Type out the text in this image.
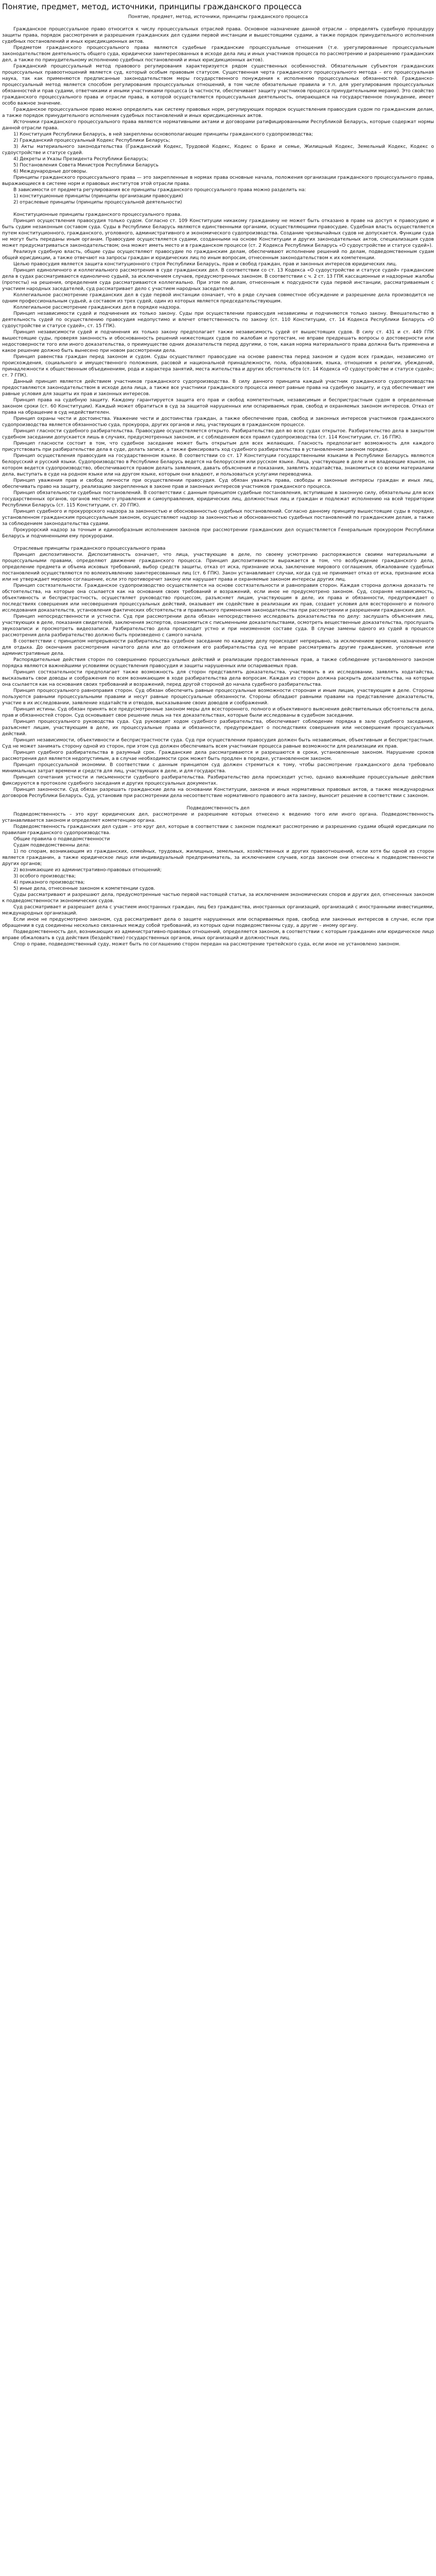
Понятие, предмет, метод, источники, принципы гражданского процесса

Понятие, предмет, метод, источники, принципы гражданского процесса

Гражданское процессуальное право относится к числу процессуальных отраслей права. Основное назначение данной отрасли – определять судебную процедуру защиты права, порядок рассмотрения и разрешения гражданских дел судами первой инстанции и вышестоящими судами, а также порядок принудительного исполнения судебных постановлений и иных юрисдикционных актов.

Предметом гражданского процессуального права являются судебные гражданские процессуальные отношения (т.е. урегулированные процессуальным законодательством деятельность общего суда, юридически заинтересованных в исходе дела лиц и иных участников процесса по рассмотрению и разрешению гражданских дел, а также по принудительному исполнению судебных постановлений и иных юрисдикционных актов).

Гражданский процессуальный метод правового регулирования характеризуется рядом существенных особенностей. Обязательным субъектом гражданских процессуальных правоотношений является суд, который особым правовым статусом. Существенная черта гражданского процессуального метода – его процессуальная наука, так как применяются предписанные законодательством меры государственного понуждения к исполнению процессуальных обязанностей. Гражданско-процессуальный метод является способом регулирования процессуальных отношений, в том числе обязательные правила и т.п. для урегулирования процессуальных обязанностей и прав судами, ответчиками и иными участниками процесса (в частности, обеспечивает защиту участников процесса принудительными мерами). Это свойство гражданского процессуального права и отрасли права, в которой осуществляется процессуальная деятельность, опирающаяся на государственное понуждение, имеет особо важное значение.

Гражданское процессуальное право можно определить как систему правовых норм, регулирующих порядок осуществления правосудия судом по гражданским делам, а также порядок принудительного исполнения судебных постановлений и иных юрисдикционных актов.

Источники гражданского процессуального права являются нормативными актами и договорами ратифицированными Республикой Беларусь, которые содержат нормы данной отрасли права.

1) Конституция Республики Беларусь, в ней закреплены основополагающие принципы гражданского судопроизводства;

2) Гражданский процессуальный Кодекс Республики Беларусь;

3) Акты материального законодательства (Гражданский Кодекс, Трудовой Кодекс, Кодекс о Браке и семье, Жилищный Кодекс, Земельный Кодекс, Кодекс о судоустройстве и статусе судей.

4) Декреты и Указы Президента Республики Беларусь;

5) Постановления Совета Министров Республики Беларусь

6) Международные договоры.

Принципы гражданского процессуального права — это закрепленные в нормах права основные начала, положения организации гражданского процессуального права, выражающиеся в системе норм и правовых институтов этой отрасли права.

В зависимости от предмета регулирования все принципы гражданского процессуального права можно разделить на:

1) конституционные принципы (принципы организации правосудия)

2) отраслевые принципы (принципы процессуальной деятельности)

Конституционные принципы гражданского процессуального права.

Принцип осуществления правосудия только судом. Согласно ст. 109 Конституции никакому гражданину не может быть отказано в праве на доступ к правосудию и быть судим незаконным составом суда. Суды в Республике Беларусь являются единственными органами, осуществляющими правосудие. Судебная власть осуществляется путем конституционного, гражданского, уголовного, административного и экономического судопроизводства. Создание чрезвычайных судов не допускается. Функции суда не могут быть переданы иным органам. Правосудие осуществляется судами, созданными на основе Конституции и других законодательных актов, специализация судов может предусматриваться законодательством; она может иметь место и в гражданском процессе (ст. 2 Кодекса Республики Беларусь «О судоустройстве и статусе судей»).

Реализуя судебную власть, общие суды осуществляют правосудие по гражданским делам, обеспечивают исполнение решений по делам, подведомственным судам общей юрисдикции, а также отвечают на запросы граждан и юридических лиц по иным вопросам, отнесенным законодательством к их компетенции.

Целью правосудия является защита конституционного строя Республики Беларусь, прав и свобод граждан, прав и законных интересов юридических лиц.

Принцип единоличного и коллегиального рассмотрения в суде гражданских дел. В соответствии со ст. 13 Кодекса «О судоустройстве и статусе судей» гражданские дела в судах рассматриваются единолично судьей, за исключением случаев, предусмотренных законом. В соответствии с ч. 2 ст. 13 ГПК кассационные и надзорные жалобы (протесты) на решения, определения суда рассматриваются коллегиально. При этом по делам, отнесенным к подсудности суда первой инстанции, рассматриваемым с участием народных заседателей, суд рассматривает дело с участием народных заседателей.

Коллегиальное рассмотрение гражданских дел в суде первой инстанции означает, что в ряде случаев совместное обсуждение и разрешение дела производится не одним профессиональным судьей, а составом из трех судей, один из которых является председательствующим.

Коллегиальное рассмотрение гражданских дел в порядке надзора.

Принцип независимости судей и подчинения их только закону. Суды при осуществлении правосудия независимы и подчиняются только закону. Вмешательство в деятельность судей по осуществлению правосудия недопустимо и влечет ответственность по закону (ст. 110 Конституции, ст. 14 Кодекса Республики Беларусь «О судоустройстве и статусе судей», ст. 15 ГПК).

Принцип независимости судей и подчинения их только закону предполагает также независимость судей от вышестоящих судов. В силу ст. 431 и ст. 449 ГПК вышестоящие суды, проверяя законность и обоснованность решений нижестоящих судов по жалобам и протестам, не вправе предрешать вопросы о достоверности или недостоверности того или иного доказательства, о преимуществе одних доказательств перед другими, о том, какая норма материального права должна быть применена и какое решение должно быть вынесено при новом рассмотрении дела.

Принцип равенства граждан перед законом и судом. Суды осуществляют правосудие на основе равенства перед законом и судом всех граждан, независимо от происхождения, социального и имущественного положения, расовой и национальной принадлежности, пола, образования, языка, отношения к религии, убеждений, принадлежности к общественным объединениям, рода и характера занятий, места жительства и других обстоятельств (ст. 14 Кодекса «О судоустройстве и статусе судей»; ст. 7 ГПК).

Данный принцип является действием участников гражданского судопроизводства. В силу данного принципа каждый участник гражданского судопроизводства предоставляются законодательством в исходе дела лица, а также все участники гражданского процесса имеют равные права на судебную защиту, и суд обеспечивает им равные условия для защиты их прав и законных интересов.

Принцип права на судебную защиту. Каждому гарантируется защита его прав и свобод компетентным, независимым и беспристрастным судом в определенные законом сроки (ст. 60 Конституции). Каждый может обратиться в суд за защитой нарушенных или оспариваемых прав, свобод и охраняемых законом интересов. Отказ от права на обращение в суд недействителен.

Принцип охраны чести и достоинства. Уважение чести и достоинства граждан, а также обеспечение прав, свобод и законных интересов участников гражданского судопроизводства является обязанностью суда, прокурора, других органов и лиц, участвующих в гражданском процессе.

Принцип гласности судебного разбирательства. Правосудие осуществляется открыто. Разбирательство дел во всех судах открытое. Разбирательство дела в закрытом судебном заседании допускается лишь в случаях, предусмотренных законом, и с соблюдением всех правил судопроизводства (ст. 114 Конституции, ст. 16 ГПК).

Принцип гласности состоит в том, что судебное заседание может быть открытым для всех желающих. Гласность предполагает возможность для каждого присутствовать при разбирательстве дела в суде, делать записи, а также фиксировать ход судебного разбирательства в установленном законом порядке.

Принцип осуществления правосудия на государственном языке. В соответствии со ст. 17 Конституции государственными языками в Республике Беларусь являются белорусский и русский языки. Судопроизводство в Республике Беларусь ведется на белорусском или русском языке. Лица, участвующие в деле и не владеющие языком, на котором ведется судопроизводство, обеспечиваются правом делать заявления, давать объяснения и показания, заявлять ходатайства, знакомиться со всеми материалами дела, выступать в суде на родном языке или на другом языке, которым они владеют, и пользоваться услугами переводчика.

Принцип уважения прав и свобод личности при осуществлении правосудия. Суд обязан уважать права, свободы и законные интересы граждан и иных лиц, обеспечивать право на защиту, реализацию закрепленных в законе прав и законных интересов участников гражданского процесса.

Принцип обязательности судебных постановлений. В соответствии с данным принципом судебные постановления, вступившие в законную силу, обязательны для всех государственных органов, органов местного управления и самоуправления, юридических лиц, должностных лиц и граждан и подлежат исполнению на всей территории Республики Беларусь (ст. 115 Конституции, ст. 20 ГПК).

Принцип судебного и прокурорского надзора за законностью и обоснованностью судебных постановлений. Согласно данному принципу вышестоящие суды в порядке, установленном гражданским процессуальным законом, осуществляют надзор за законностью и обоснованностью судебных постановлений по гражданским делам, а также за соблюдением законодательства судами.

Прокурорский надзор за точным и единообразным исполнением законов при рассмотрении гражданских дел осуществляется Генеральным прокурором Республики Беларусь и подчиненными ему прокурорами.

Отраслевые принципы гражданского процессуального права

Принцип диспозитивности. Диспозитивность означает, что лица, участвующие в деле, по своему усмотрению распоряжаются своими материальными и процессуальными правами, определяют движение гражданского процесса. Принцип диспозитивности выражается в том, что возбуждение гражданского дела, определение предмета и объема исковых требований, выбор средств защиты, отказ от иска, признание иска, заключение мирового соглашения, обжалование судебных постановлений осуществляются по волеизъявлению заинтересованных лиц (ст. 6 ГПК). Закон устанавливает случаи, когда суд не принимает отказ от иска, признание иска или не утверждает мировое соглашение, если это противоречит закону или нарушает права и охраняемые законом интересы других лиц.

Принцип состязательности. Гражданское судопроизводство осуществляется на основе состязательности и равноправия сторон. Каждая сторона должна доказать те обстоятельства, на которые она ссылается как на основания своих требований и возражений, если иное не предусмотрено законом. Суд, сохраняя независимость, объективность и беспристрастность, осуществляет руководство процессом, разъясняет лицам, участвующим в деле, их права и обязанности, предупреждает о последствиях совершения или несовершения процессуальных действий, оказывает им содействие в реализации их прав, создает условия для всестороннего и полного исследования доказательств, установления фактических обстоятельств и правильного применения законодательства при рассмотрении и разрешении гражданских дел.

Принцип непосредственности и устности. Суд при рассмотрении дела обязан непосредственно исследовать доказательства по делу: заслушать объяснения лиц, участвующих в деле, показания свидетелей, заключения экспертов, ознакомиться с письменными доказательствами, осмотреть вещественные доказательства, прослушать звукозаписи и просмотреть видеозаписи. Разбирательство дела происходит устно и при неизменном составе суда. В случае замены одного из судей в процессе рассмотрения дела разбирательство должно быть произведено с самого начала.

В соответствии с принципом непрерывности разбирательства судебное заседание по каждому делу происходит непрерывно, за исключением времени, назначенного для отдыха. До окончания рассмотрения начатого дела или до отложения его разбирательства суд не вправе рассматривать другие гражданские, уголовные или административные дела.

Распорядительные действия сторон по совершению процессуальных действий и реализации предоставленных прав, а также соблюдение установленного законом порядка являются важнейшими условиями осуществления правосудия и защиты нарушенных или оспариваемых прав.

Принцип состязательности предполагает также возможность для сторон представлять доказательства, участвовать в их исследовании, заявлять ходатайства, высказывать свои доводы и соображения по всем возникающим в ходе разбирательства дела вопросам. Каждая из сторон должна раскрыть доказательства, на которые она ссылается как на основания своих требований и возражений, перед другой стороной до начала судебного разбирательства.

Принцип процессуального равноправия сторон. Суд обязан обеспечить равные процессуальные возможности сторонам и иным лицам, участвующим в деле. Стороны пользуются равными процессуальными правами и несут равные процессуальные обязанности. Стороны обладают равными правами на представление доказательств, участие в их исследовании, заявление ходатайств и отводов, высказывание своих доводов и соображений.

Принцип истины. Суд обязан принять все предусмотренные законом меры для всестороннего, полного и объективного выяснения действительных обстоятельств дела, прав и обязанностей сторон. Суд основывает свое решение лишь на тех доказательствах, которые были исследованы в судебном заседании.

Принцип процессуального руководства суда. Суд руководит ходом судебного разбирательства, обеспечивает соблюдение порядка в зале судебного заседания, разъясняет лицам, участвующим в деле, их процессуальные права и обязанности, предупреждает о последствиях совершения или несовершения процессуальных действий.

Принцип независимости, объективности и беспристрастности суда. Суд при осуществлении правосудия должен быть независимым, объективным и беспристрастным. Суд не может занимать сторону одной из сторон, при этом суд должен обеспечивать всем участникам процесса равные возможности для реализации их прав.

Принцип судебного разбирательства в разумный срок. Гражданские дела рассматриваются и разрешаются в сроки, установленные законом. Нарушение сроков рассмотрения дел является недопустимым, а в случае необходимости срок может быть продлен в порядке, установленном законом.

Принцип процессуальной экономии. В соответствии с данным принципом суд должен стремиться к тому, чтобы рассмотрение гражданского дела требовало минимальных затрат времени и средств для лиц, участвующих в деле, и для государства.

Принцип сочетания устности и письменности судебного разбирательства. Разбирательство дела происходит устно, однако важнейшие процессуальные действия фиксируются в протоколе судебного заседания и других процессуальных документах.

Принцип законности. Суд обязан разрешать гражданские дела на основании Конституции, законов и иных нормативных правовых актов, а также международных договоров Республики Беларусь. Суд, установив при рассмотрении дела несоответствие нормативного правового акта закону, выносит решение в соответствии с законом.

Подведомственность дел

Подведомственность – это круг юридических дел, рассмотрение и разрешение которых отнесено к ведению того или иного органа. Подведомственность устанавливается законом и определяет компетенцию органа.

Подведомственность гражданских дел судам – это круг дел, которые в соответствии с законом подлежат рассмотрению и разрешению судами общей юрисдикции по правилам гражданского судопроизводства.

Общие правила о подведомственности

Судам подведомственны дела:

1) по спорам, возникающим из гражданских, семейных, трудовых, жилищных, земельных, хозяйственных и других правоотношений, если хотя бы одной из сторон является гражданин, а также юридическое лицо или индивидуальный предприниматель, за исключением случаев, когда законом они отнесены к подведомственности других органов;

2) возникающие из административно-правовых отношений;

3) особого производства;

4) приказного производства;

5) иные дела, отнесенные законом к компетенции судов.

Суды рассматривают и разрешают дела, предусмотренные частью первой настоящей статьи, за исключением экономических споров и других дел, отнесенных законом к подведомственности экономических судов.

Суд рассматривает и разрешает дела с участием иностранных граждан, лиц без гражданства, иностранных организаций, организаций с иностранными инвестициями, международных организаций.

Если иное не предусмотрено законом, суд рассматривает дела о защите нарушенных или оспариваемых прав, свобод или законных интересов в случае, если при обращении в суд соединены несколько связанных между собой требований, из которых одни подведомственны суду, а другие – иному органу.

Подведомственность дел, возникающих из административно-правовых отношений, определяется законом, в соответствии с которым гражданин или юридическое лицо вправе обжаловать в суд действия (бездействие) государственных органов, иных организаций и должностных лиц.

Спор о праве, подведомственный суду, может быть по соглашению сторон передан на рассмотрение третейского суда, если иное не установлено законом.
